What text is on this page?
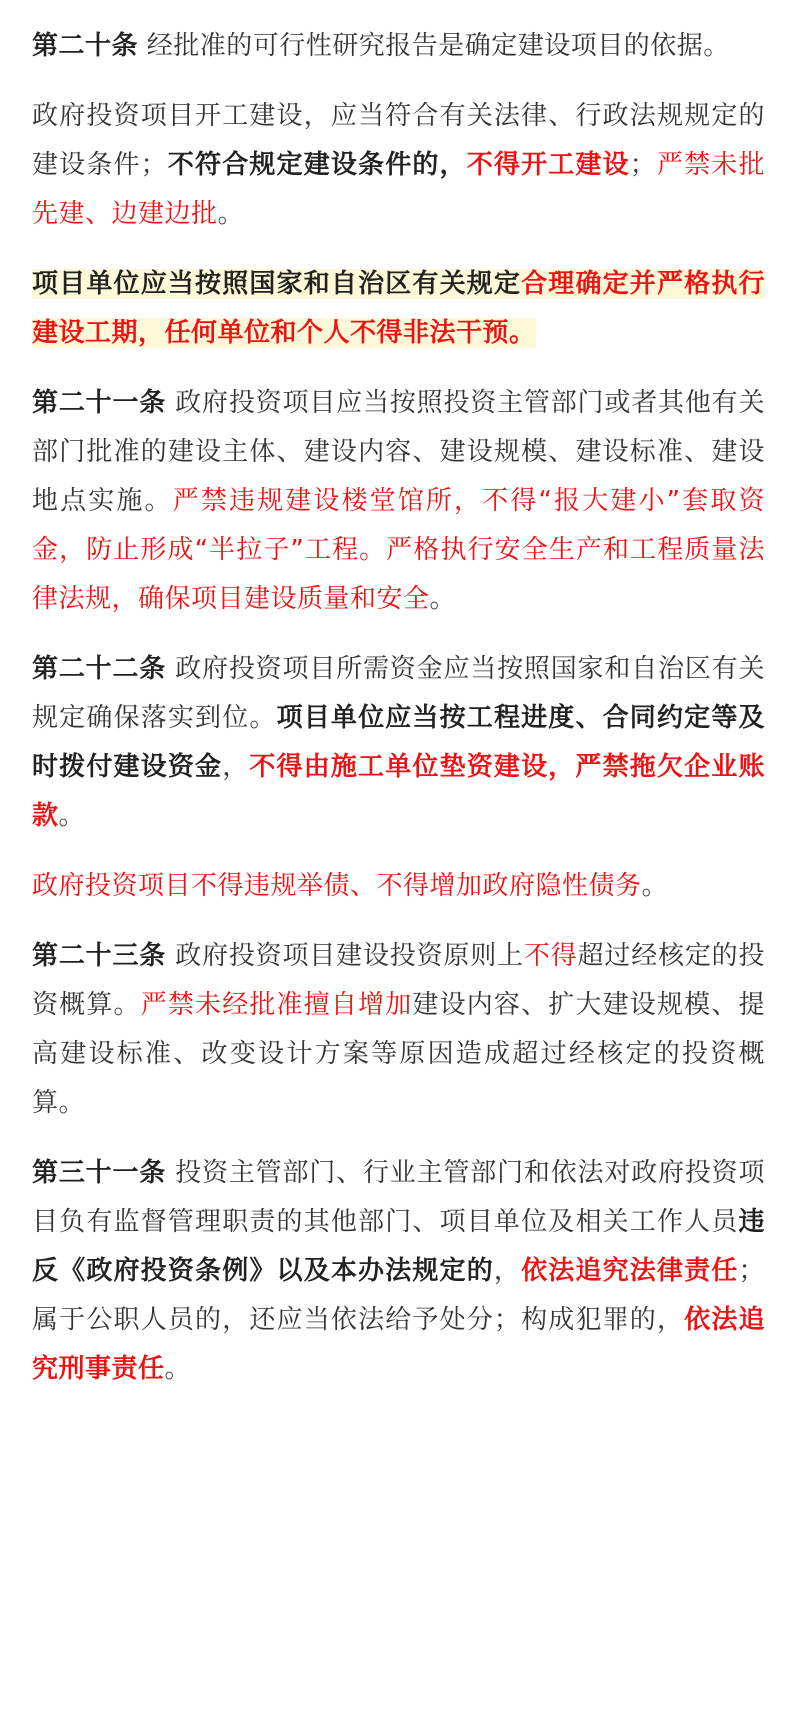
第二十条 经批准的可行性研究报告是确定建设项目的依据。

政府投资项目开工建设，应当符合有关法律、行政法规规定的建设条件；不符合规定建设条件的，不得开工建设；严禁未批先建、边建边批。

项目单位应当按照国家和自治区有关规定合理确定并严格执行建设工期，任何单位和个人不得非法干预。

第二十一条 政府投资项目应当按照投资主管部门或者其他有关部门批准的建设主体、建设内容、建设规模、建设标准、建设地点实施。严禁违规建设楼堂馆所，不得“报大建小”套取资金，防止形成“半拉子”工程。严格执行安全生产和工程质量法律法规，确保项目建设质量和安全。

第二十二条 政府投资项目所需资金应当按照国家和自治区有关规定确保落实到位。项目单位应当按工程进度、合同约定等及时拨付建设资金，不得由施工单位垫资建设，严禁拖欠企业账款。

政府投资项目不得违规举债、不得增加政府隐性债务。

第二十三条 政府投资项目建设投资原则上不得超过经核定的投资概算。严禁未经批准擅自增加建设内容、扩大建设规模、提高建设标准、改变设计方案等原因造成超过经核定的投资概算。

第三十一条 投资主管部门、行业主管部门和依法对政府投资项目负有监督管理职责的其他部门、项目单位及相关工作人员违反《政府投资条例》以及本办法规定的，依法追究法律责任；属于公职人员的，还应当依法给予处分；构成犯罪的，依法追究刑事责任。
